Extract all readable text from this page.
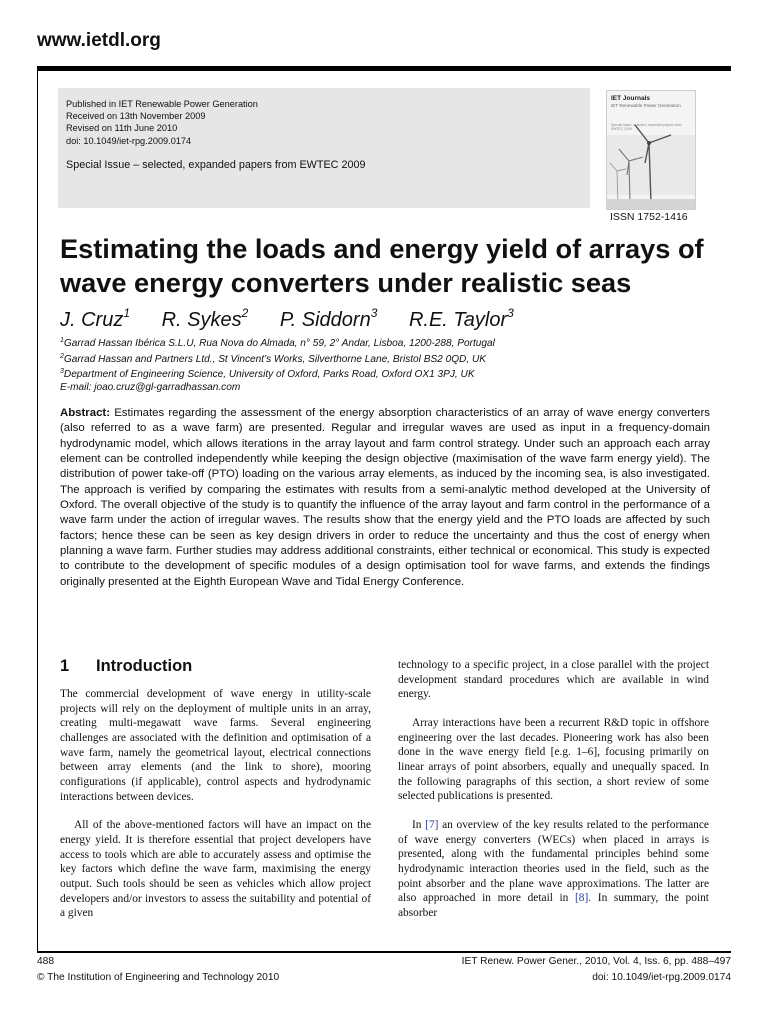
www.ietdl.org
Published in IET Renewable Power Generation
Received on 13th November 2009
Revised on 11th June 2010
doi: 10.1049/iet-rpg.2009.0174
Special Issue – selected, expanded papers from EWTEC 2009
IET Journals
IET Renewable Power Generation
Special Issue: selected, expanded papers from EWTEC 2009
ISSN 1752-1416
Estimating the loads and energy yield of arrays of wave energy converters under realistic seas
J. Cruz$^1$ R. Sykes$^2$ P. Siddorn$^3$ R.E. Taylor$^3$
$^1$Garrad Hassan Ibérica S.L.U, Rua Nova do Almada, n° 59, 2° Andar, Lisboa, 1200-288, Portugal
$^2$Garrad Hassan and Partners Ltd., St Vincent’s Works, Silverthorne Lane, Bristol BS2 0QD, UK
$^3$Department of Engineering Science, University of Oxford, Parks Road, Oxford OX1 3PJ, UK
E-mail: joao.cruz@gl-garradhassan.com
Abstract: Estimates regarding the assessment of the energy absorption characteristics of an array of wave energy converters (also referred to as a wave farm) are presented. Regular and irregular waves are used as input in a frequency-domain hydrodynamic model, which allows iterations in the array layout and farm control strategy. Under such an approach each array element can be controlled independently while keeping the design objective (maximisation of the wave farm energy yield). The distribution of power take-off (PTO) loading on the various array elements, as induced by the incoming sea, is also investigated. The approach is verified by comparing the estimates with results from a semi-analytic method developed at the University of Oxford. The overall objective of the study is to quantify the influence of the array layout and farm control in the performance of a wave farm under the action of irregular waves. The results show that the energy yield and the PTO loads are affected by such factors; hence these can be seen as key design drivers in order to reduce the uncertainty and thus the cost of energy when planning a wave farm. Further studies may address additional constraints, either technical or economical. This study is expected to contribute to the development of specific modules of a design optimisation tool for wave farms, and extends the findings originally presented at the Eighth European Wave and Tidal Energy Conference.
1 Introduction

The commercial development of wave energy in utility-scale projects will rely on the deployment of multiple units in an array, creating multi-megawatt wave farms. Several engineering challenges are associated with the definition and optimisation of a wave farm, namely the geometrical layout, electrical connections between array elements (and the link to shore), mooring configurations (if applicable), control aspects and hydrodynamic interactions between devices.

All of the above-mentioned factors will have an impact on the energy yield. It is therefore essential that project developers have access to tools which are able to accurately assess and optimise the key factors which define the wave farm, maximising the energy output. Such tools should be seen as vehicles which allow project developers and/or investors to assess the suitability and potential of a given

technology to a specific project, in a close parallel with the project development standard procedures which are available in wind energy.

Array interactions have been a recurrent R&D topic in offshore engineering over the last decades. Pioneering work has also been done in the wave energy field [e.g. 1–6], focusing primarily on linear arrays of point absorbers, equally and unequally spaced. In the following paragraphs of this section, a short review of some selected publications is presented.

In [7] an overview of the key results related to the performance of wave energy converters (WECs) when placed in arrays is presented, along with the fundamental principles behind some hydrodynamic interaction theories used in the field, such as the point absorber and the plane wave approximations. The latter are also approached in more detail in [8]. In summary, the point absorber

488
© The Institution of Engineering and Technology 2010
IET Renew. Power Gener., 2010, Vol. 4, Iss. 6, pp. 488–497
doi: 10.1049/iet-rpg.2009.0174
